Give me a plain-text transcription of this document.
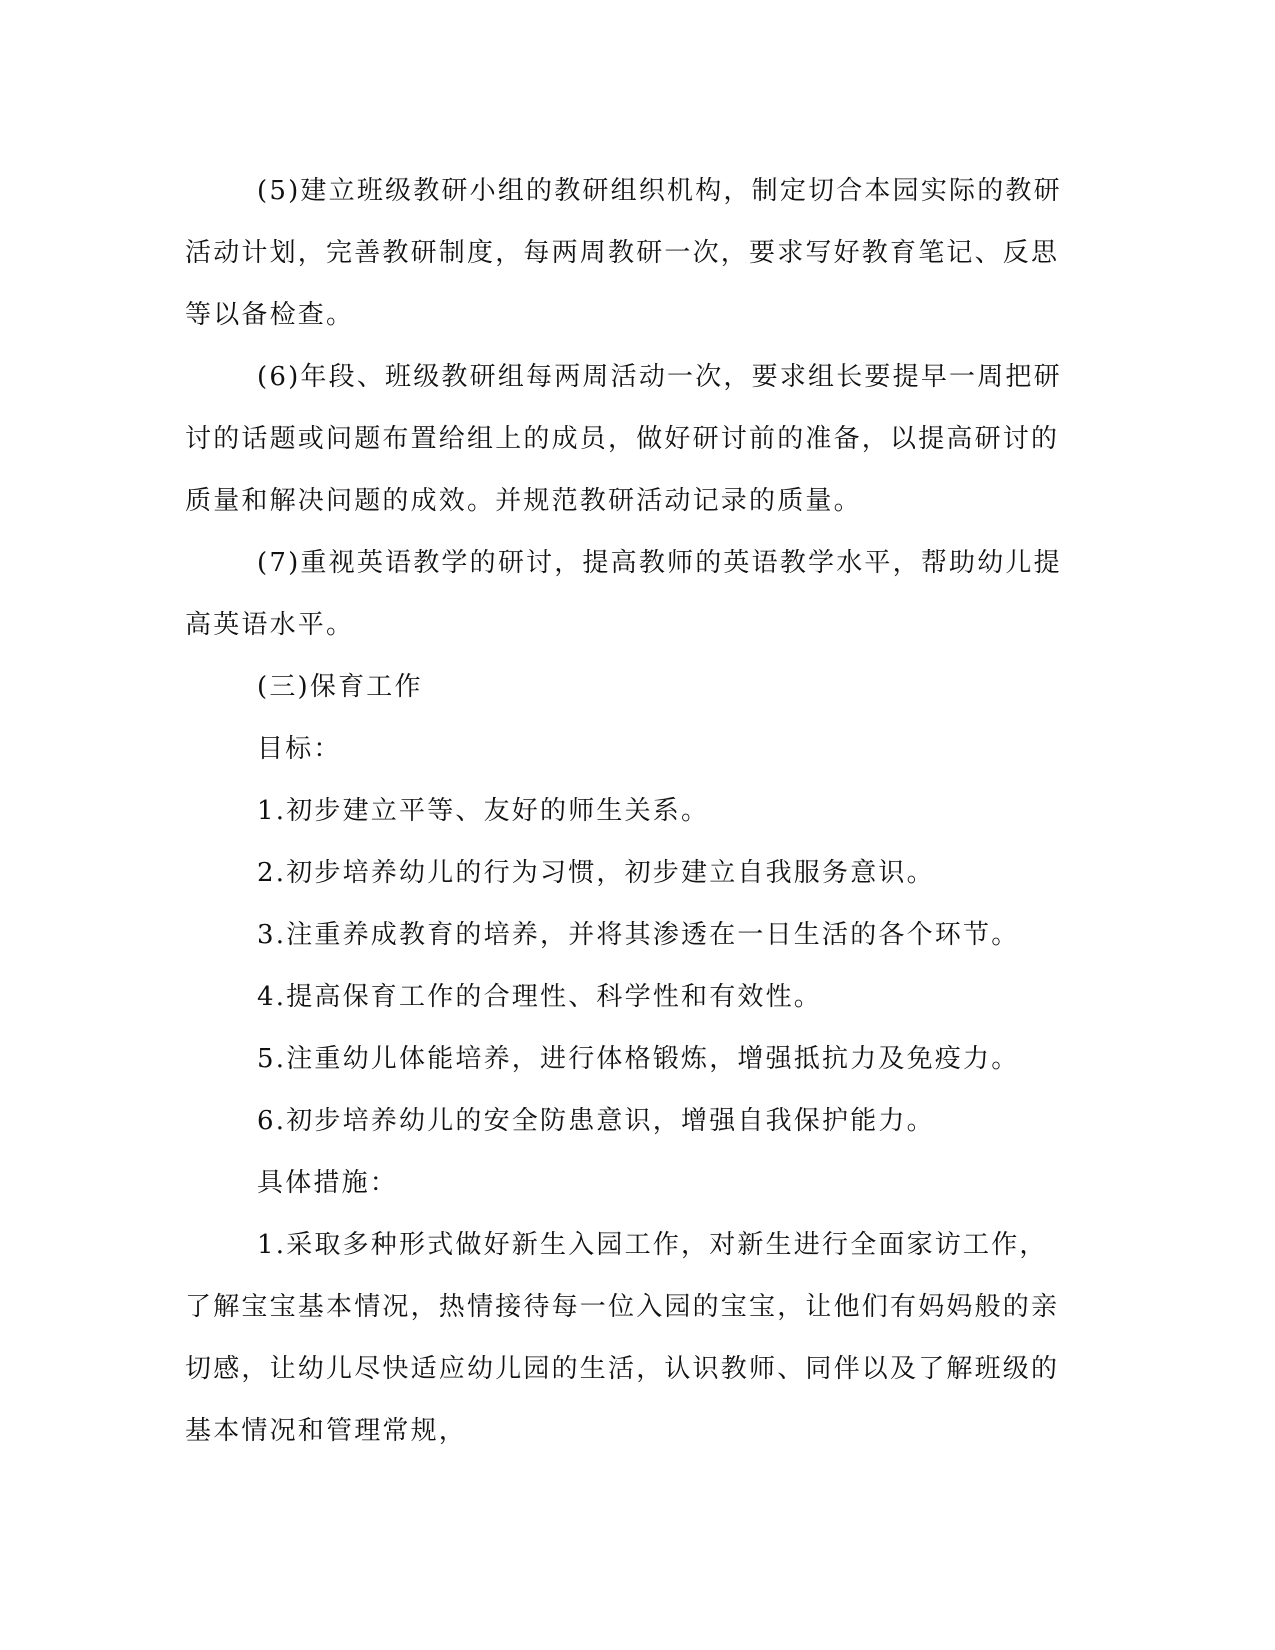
(5)建立班级教研小组的教研组织机构，制定切合本园实际的教研活动计划，完善教研制度，每两周教研一次，要求写好教育笔记、反思等以备检查。

(6)年段、班级教研组每两周活动一次，要求组长要提早一周把研讨的话题或问题布置给组上的成员，做好研讨前的准备，以提高研讨的质量和解决问题的成效。并规范教研活动记录的质量。

(7)重视英语教学的研讨，提高教师的英语教学水平，帮助幼儿提高英语水平。

(三)保育工作

目标：

1.初步建立平等、友好的师生关系。

2.初步培养幼儿的行为习惯，初步建立自我服务意识。

3.注重养成教育的培养，并将其渗透在一日生活的各个环节。

4.提高保育工作的合理性、科学性和有效性。

5.注重幼儿体能培养，进行体格锻炼，增强抵抗力及免疫力。

6.初步培养幼儿的安全防患意识，增强自我保护能力。

具体措施：

1.采取多种形式做好新生入园工作，对新生进行全面家访工作，了解宝宝基本情况，热情接待每一位入园的宝宝，让他们有妈妈般的亲切感，让幼儿尽快适应幼儿园的生活，认识教师、同伴以及了解班级的基本情况和管理常规，
